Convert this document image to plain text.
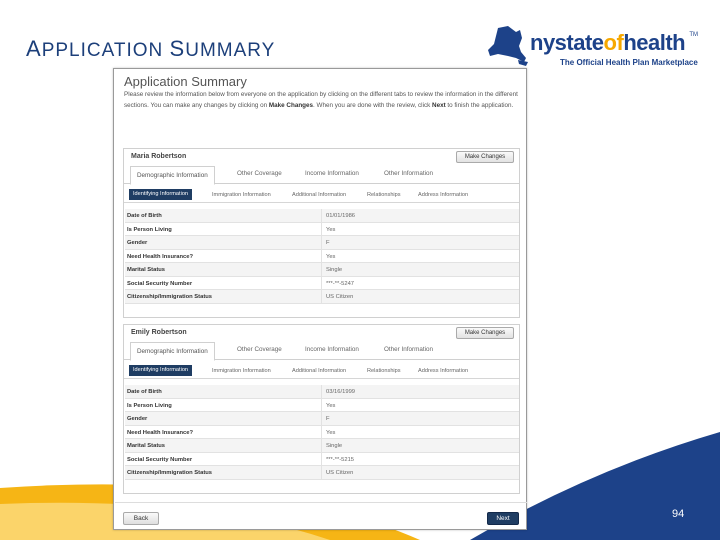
APPLICATION SUMMARY	nystateofhealth TM
The Official Health Plan Marketplace
Application Summary
Please review the information below from everyone on the application by clicking on the different tabs to review the information in the different sections. You can make any changes by clicking on Make Changes. When you are done with the review, click Next to finish the application.
Maria Robertson	Make Changes
Demographic Information	Other Coverage	Income Information	Other Information
Identifying Information	Immigration Information	Additional Information	Relationships	Address Information
Date of Birth	01/01/1986
Is Person Living	Yes
Gender	F
Need Health Insurance?	Yes
Marital Status	Single
Social Security Number	***-**-5247
Citizenship/Immigration Status	US Citizen
Emily Robertson	Make Changes
Demographic Information	Other Coverage	Income Information	Other Information
Identifying Information	Immigration Information	Additional Information	Relationships	Address Information
Date of Birth	03/16/1999
Is Person Living	Yes
Gender	F
Need Health Insurance?	Yes
Marital Status	Single
Social Security Number	***-**-5215
Citizenship/Immigration Status	US Citizen
Back	Next	94
